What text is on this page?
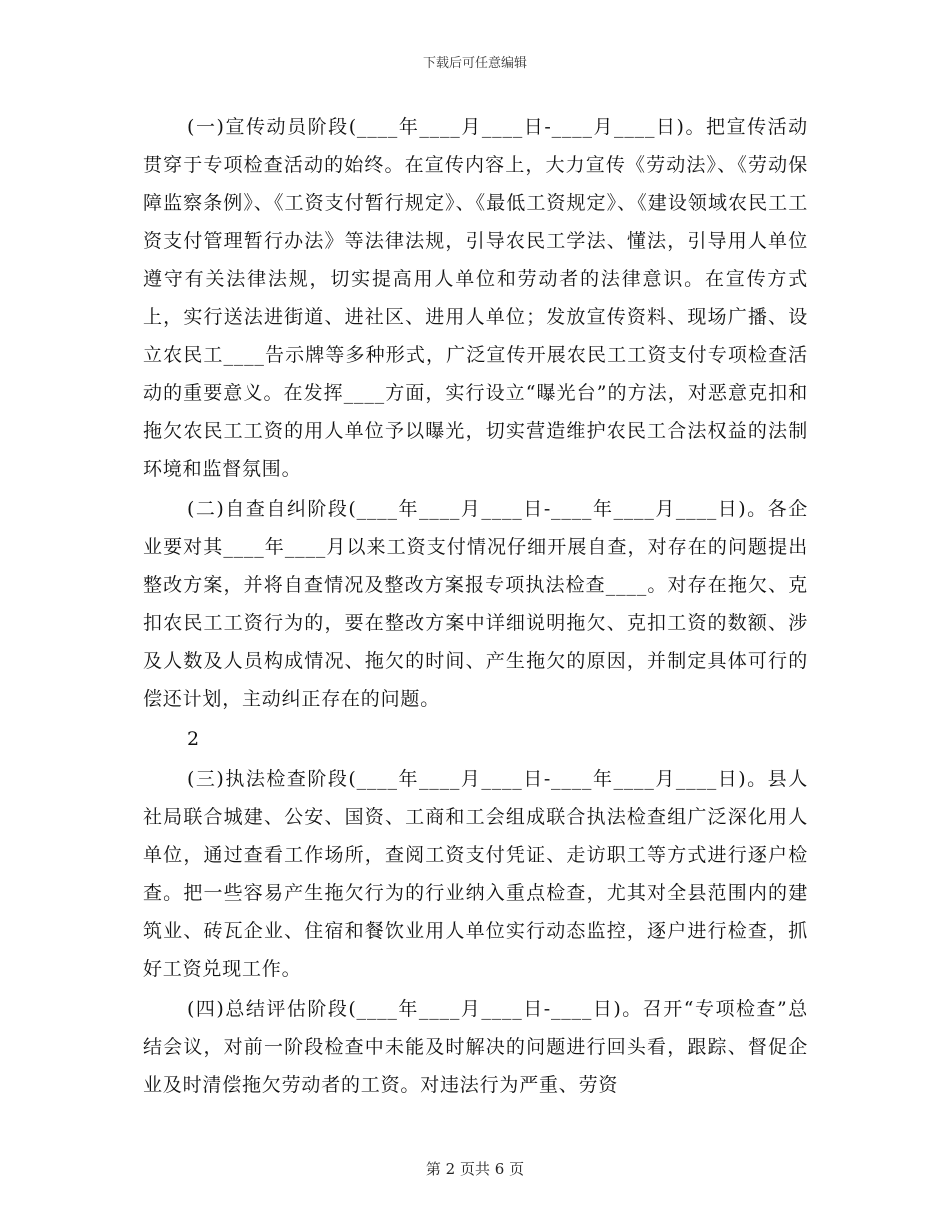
下载后可任意编辑

(一)宣传动员阶段(____年____月____日-____月____日)。把宣传活动贯穿于专项检查活动的始终。在宣传内容上，大力宣传《劳动法》、《劳动保障监察条例》、《工资支付暂行规定》、《最低工资规定》、《建设领域农民工工资支付管理暂行办法》等法律法规，引导农民工学法、懂法，引导用人单位遵守有关法律法规，切实提高用人单位和劳动者的法律意识。在宣传方式上，实行送法进街道、进社区、进用人单位；发放宣传资料、现场广播、设立农民工____告示牌等多种形式，广泛宣传开展农民工工资支付专项检查活动的重要意义。在发挥____方面，实行设立“曝光台”的方法，对恶意克扣和拖欠农民工工资的用人单位予以曝光，切实营造维护农民工合法权益的法制环境和监督氛围。

(二)自查自纠阶段(____年____月____日-____年____月____日)。各企业要对其____年____月以来工资支付情况仔细开展自查，对存在的问题提出整改方案，并将自查情况及整改方案报专项执法检查____。对存在拖欠、克扣农民工工资行为的，要在整改方案中详细说明拖欠、克扣工资的数额、涉及人数及人员构成情况、拖欠的时间、产生拖欠的原因，并制定具体可行的偿还计划，主动纠正存在的问题。

2

(三)执法检查阶段(____年____月____日-____年____月____日)。县人社局联合城建、公安、国资、工商和工会组成联合执法检查组广泛深化用人单位，通过查看工作场所，查阅工资支付凭证、走访职工等方式进行逐户检查。把一些容易产生拖欠行为的行业纳入重点检查，尤其对全县范围内的建筑业、砖瓦企业、住宿和餐饮业用人单位实行动态监控，逐户进行检查，抓好工资兑现工作。

(四)总结评估阶段(____年____月____日-____日)。召开“专项检查”总结会议，对前一阶段检查中未能及时解决的问题进行回头看，跟踪、督促企业及时清偿拖欠劳动者的工资。对违法行为严重、劳资

第 2 页共 6 页
